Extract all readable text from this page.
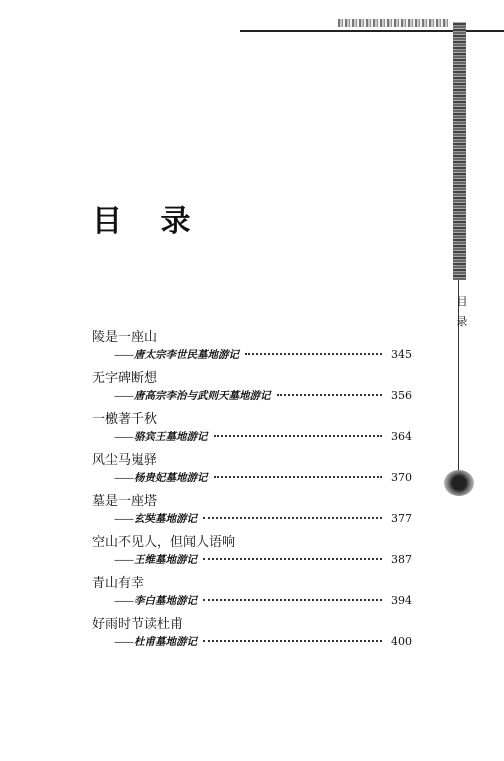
目
录
目 录
陵是一座山
—— 唐太宗李世民墓地游记	345
无字碑断想
—— 唐高宗李治与武则天墓地游记	356
一檄著千秋
—— 骆宾王墓地游记	364
风尘马嵬驿
—— 杨贵妃墓地游记	370
墓是一座塔
—— 玄奘墓地游记	377
空山不见人，但闻人语响
—— 王维墓地游记	387
青山有幸
—— 李白墓地游记	394
好雨时节读杜甫
—— 杜甫墓地游记	400
